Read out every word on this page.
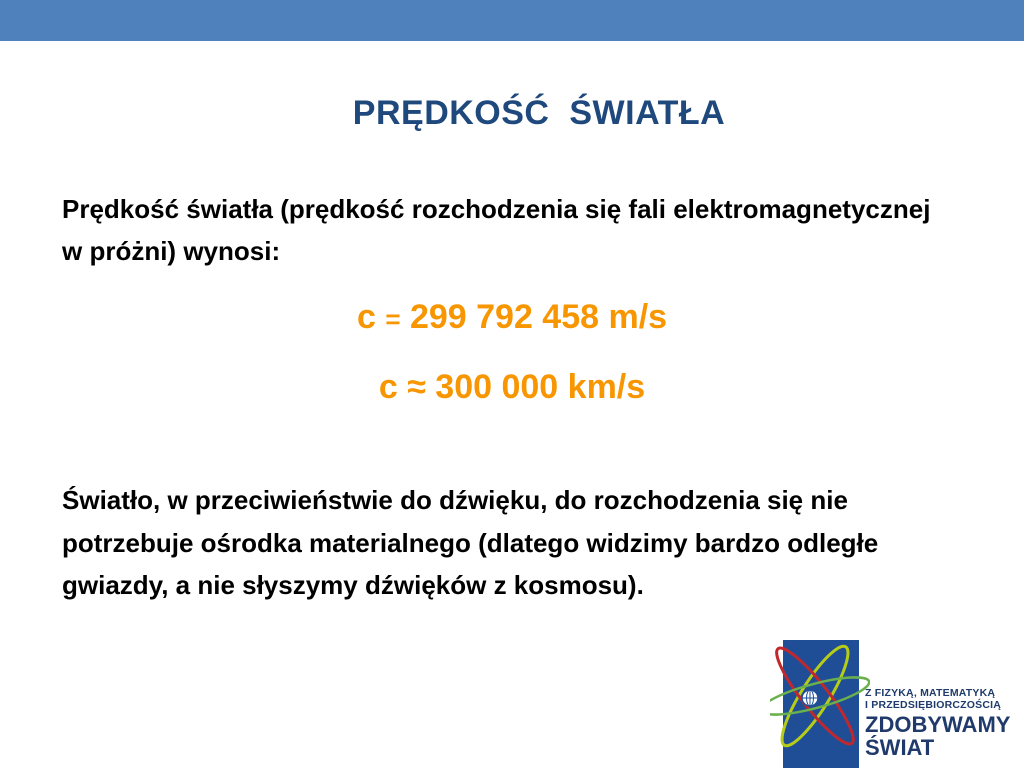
PRĘDKOŚĆ  ŚWIATŁA

Prędkość światła (prędkość rozchodzenia się fali elektromagnetycznej w próżni) wynosi:

c = 299 792 458 m/s

c ≈ 300 000 km/s

Światło, w przeciwieństwie do dźwięku, do rozchodzenia się nie potrzebuje ośrodka materialnego (dlatego widzimy bardzo odległe gwiazdy, a nie słyszymy dźwięków z kosmosu).

Z FIZYKĄ, MATEMATYKĄ
I PRZEDSIĘBIORCZOŚCIĄ
ZDOBYWAMY
ŚWIAT
